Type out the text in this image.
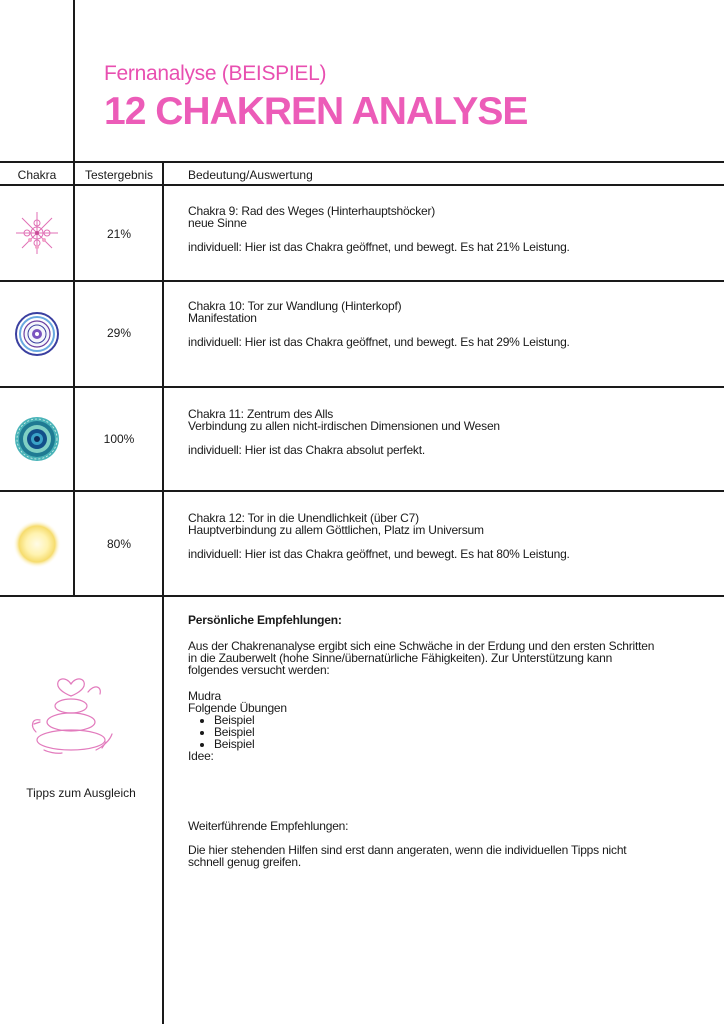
Fernanalyse (BEISPIEL)
12 CHAKREN ANALYSE
Chakra	Testergebnis	Bedeutung/Auswertung
21%
Chakra 9: Rad des Weges (Hinterhauptshöcker)
neue Sinne
individuell: Hier ist das Chakra geöffnet, und bewegt. Es hat 21% Leistung.
29%
Chakra 10: Tor zur Wandlung (Hinterkopf)
Manifestation
individuell: Hier ist das Chakra geöffnet, und bewegt. Es hat 29% Leistung.
100%
Chakra 11: Zentrum des Alls
Verbindung zu allen nicht-irdischen Dimensionen und Wesen
individuell: Hier ist das Chakra absolut perfekt.
80%
Chakra 12: Tor in die Unendlichkeit (über C7)
Hauptverbindung zu allem Göttlichen, Platz im Universum
individuell: Hier ist das Chakra geöffnet, und bewegt. Es hat 80% Leistung.
Tipps zum Ausgleich
Persönliche Empfehlungen:
Aus der Chakrenanalyse ergibt sich eine Schwäche in der Erdung und den ersten Schritten
in die Zauberwelt (hohe Sinne/übernatürliche Fähigkeiten). Zur Unterstützung kann
folgendes versucht werden:
Mudra
Folgende Übungen
• Beispiel
• Beispiel
• Beispiel
Idee:
Weiterführende Empfehlungen:
Die hier stehenden Hilfen sind erst dann angeraten, wenn die individuellen Tipps nicht
schnell genug greifen.
